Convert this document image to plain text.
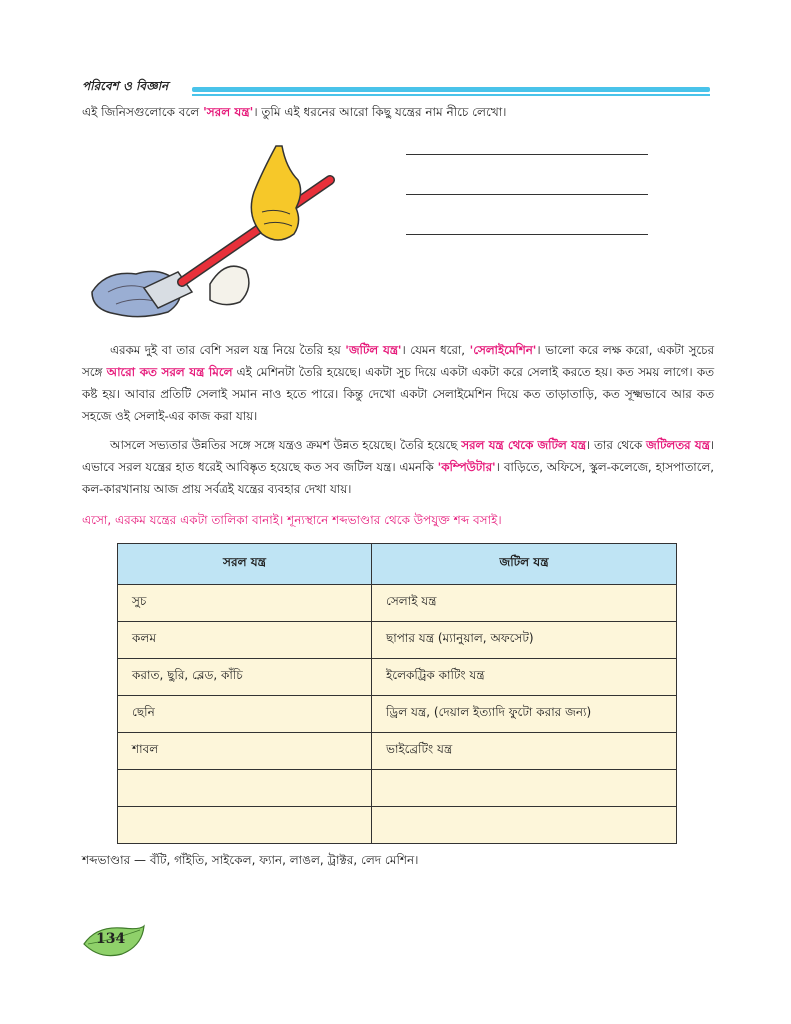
পরিবেশ ও বিজ্ঞান
এই জিনিসগুলোকে বলে 'সরল যন্ত্র'। তুমি এই ধরনের আরো কিছু যন্ত্রের নাম নীচে লেখো।
এরকম দুই বা তার বেশি সরল যন্ত্র নিয়ে তৈরি হয় 'জটিল যন্ত্র'। যেমন ধরো, 'সেলাইমেশিন'। ভালো করে লক্ষ করো, একটা সুচের সঙ্গে আরো কত সরল যন্ত্র মিলে এই মেশিনটা তৈরি হয়েছে। একটা সুচ দিয়ে একটা একটা করে সেলাই করতে হয়। কত সময় লাগে। কত কষ্ট হয়। আবার প্রতিটি সেলাই সমান নাও হতে পারে। কিন্তু দেখো একটা সেলাইমেশিন দিয়ে কত তাড়াতাড়ি, কত সূক্ষ্মভাবে আর কত সহজে ওই সেলাই-এর কাজ করা যায়।
আসলে সভ্যতার উন্নতির সঙ্গে সঙ্গে যন্ত্রও ক্রমশ উন্নত হয়েছে। তৈরি হয়েছে সরল যন্ত্র থেকে জটিল যন্ত্র। তার থেকে জটিলতর যন্ত্র। এভাবে সরল যন্ত্রের হাত ধরেই আবিষ্কৃত হয়েছে কত সব জটিল যন্ত্র। এমনকি 'কম্পিউটার'। বাড়িতে, অফিসে, স্কুল-কলেজে, হাসপাতালে, কল-কারখানায় আজ প্রায় সর্বত্রই যন্ত্রের ব্যবহার দেখা যায়।
এসো, এরকম যন্ত্রের একটা তালিকা বানাই। শূন্যস্থানে শব্দভাণ্ডার থেকে উপযুক্ত শব্দ বসাই।
সরল যন্ত্র	জটিল যন্ত্র
সুচ	সেলাই যন্ত্র
কলম	ছাপার যন্ত্র (ম্যানুয়াল, অফসেট)
করাত, ছুরি, ব্লেড, কাঁচি	ইলেকট্রিক কাটিং যন্ত্র
ছেনি	ড্রিল যন্ত্র, (দেয়াল ইত্যাদি ফুটো করার জন্য)
শাবল	ভাইব্রেটিং যন্ত্র

শব্দভাণ্ডার — বঁটি, গাঁইতি, সাইকেল, ফ্যান, লাঙল, ট্রাক্টর, লেদ মেশিন।
134
